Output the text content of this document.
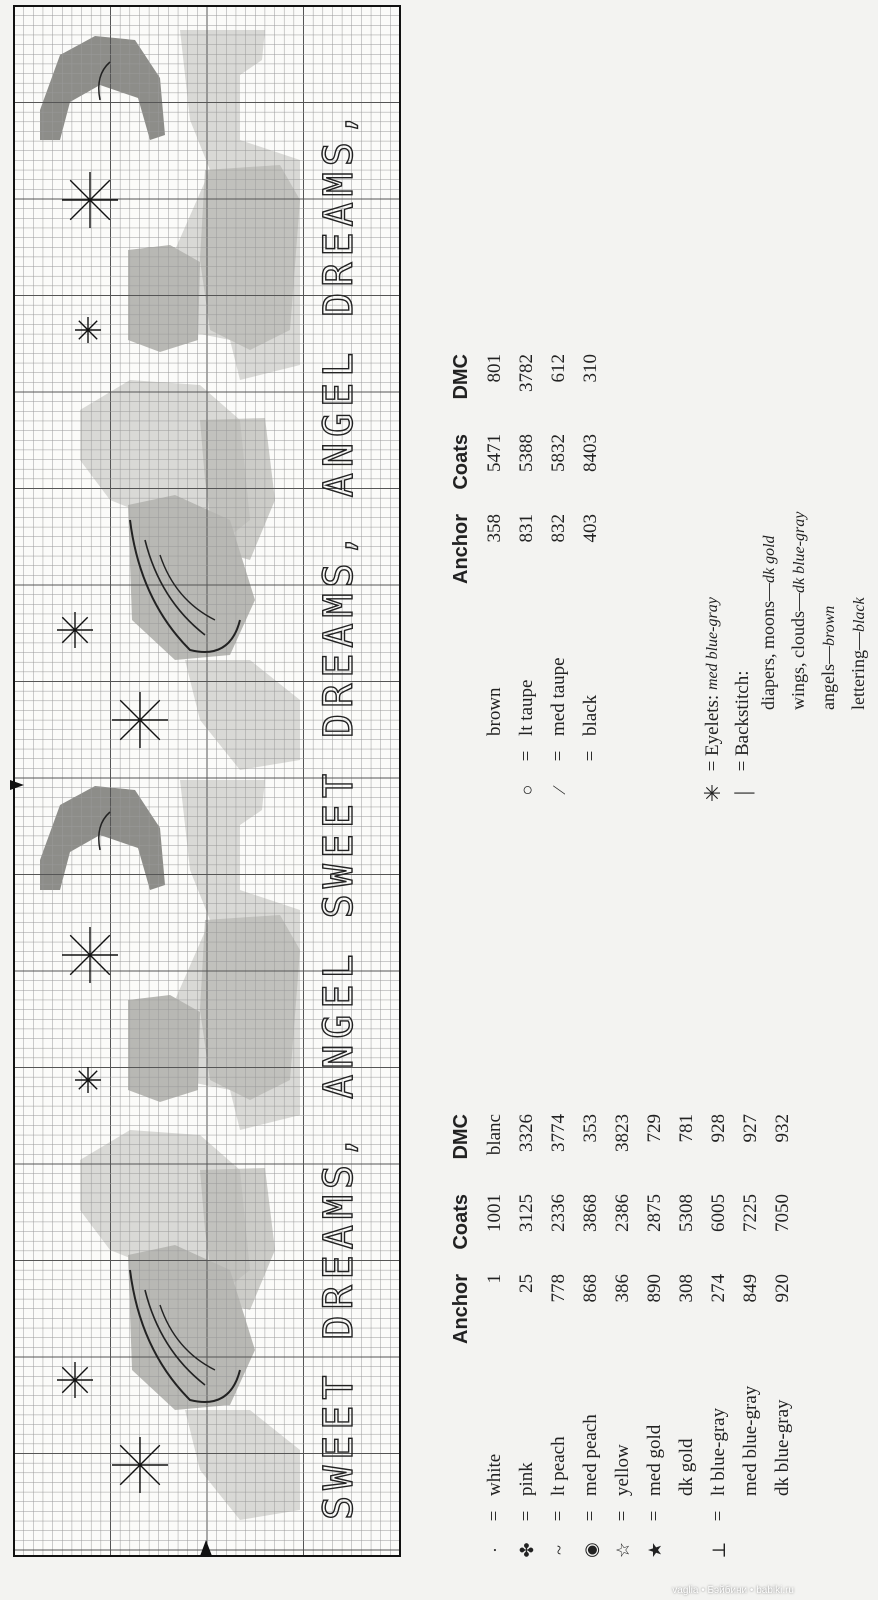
SWEET DREAMS, ANGEL SWEET DREAMS, ANGEL DREAMS,
				Anchor	Coats	DMC
·	=	white	1	1001	blanc
✤	=	pink	25	3125	3326
~	=	lt peach	778	2336	3774
◉	=	med peach	868	3868	353
☆	=	yellow	386	2386	3823
★	=	med gold	890	2875	729
		dk gold	308	5308	781
⊥	=	lt blue-gray	274	6005	928
		med blue-gray	849	7225	927
		dk blue-gray	920	7050	932
			Anchor	Coats	DMC
		brown	358	5471	801
○	=	lt taupe	831	5388	3782
∕	=	med taupe	832	5832	612
	=	black	403	8403	310
✳
=
Eyelets:

med blue-gray
|
=
Backstitch:
diapers, moons—dk gold
wings, clouds—dk blue-gray
angels—brown
lettering—black
vaglia • Бэйбини • babiki.ru
